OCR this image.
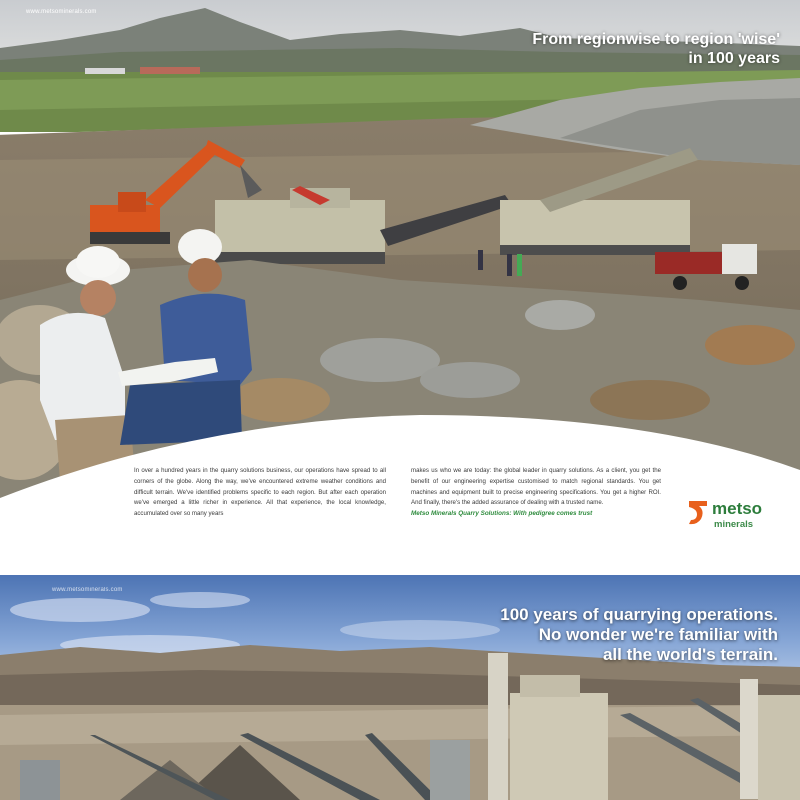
www.metsominerals.com
From regionwise to region 'wise'
in 100 years
In over a hundred years in the quarry solutions business, our operations have spread to all corners of the globe. Along the way, we've encountered extreme weather conditions and difficult terrain. We've identified problems specific to each region. But after each operation we've emerged a little richer in experience. All that experience, the local knowledge, accumulated over so many years
makes us who we are today: the global leader in quarry solutions. As a client, you get the benefit of our engineering expertise customised to match regional standards. You get machines and equipment built to precise engineering specifications. You get a higher ROI. And finally, there's the added assurance of dealing with a trusted name.
Metso Minerals Quarry Solutions: With pedigree comes trust	metso
minerals
www.metsominerals.com
100 years of quarrying operations.
No wonder we're familiar with
all the world's terrain.
